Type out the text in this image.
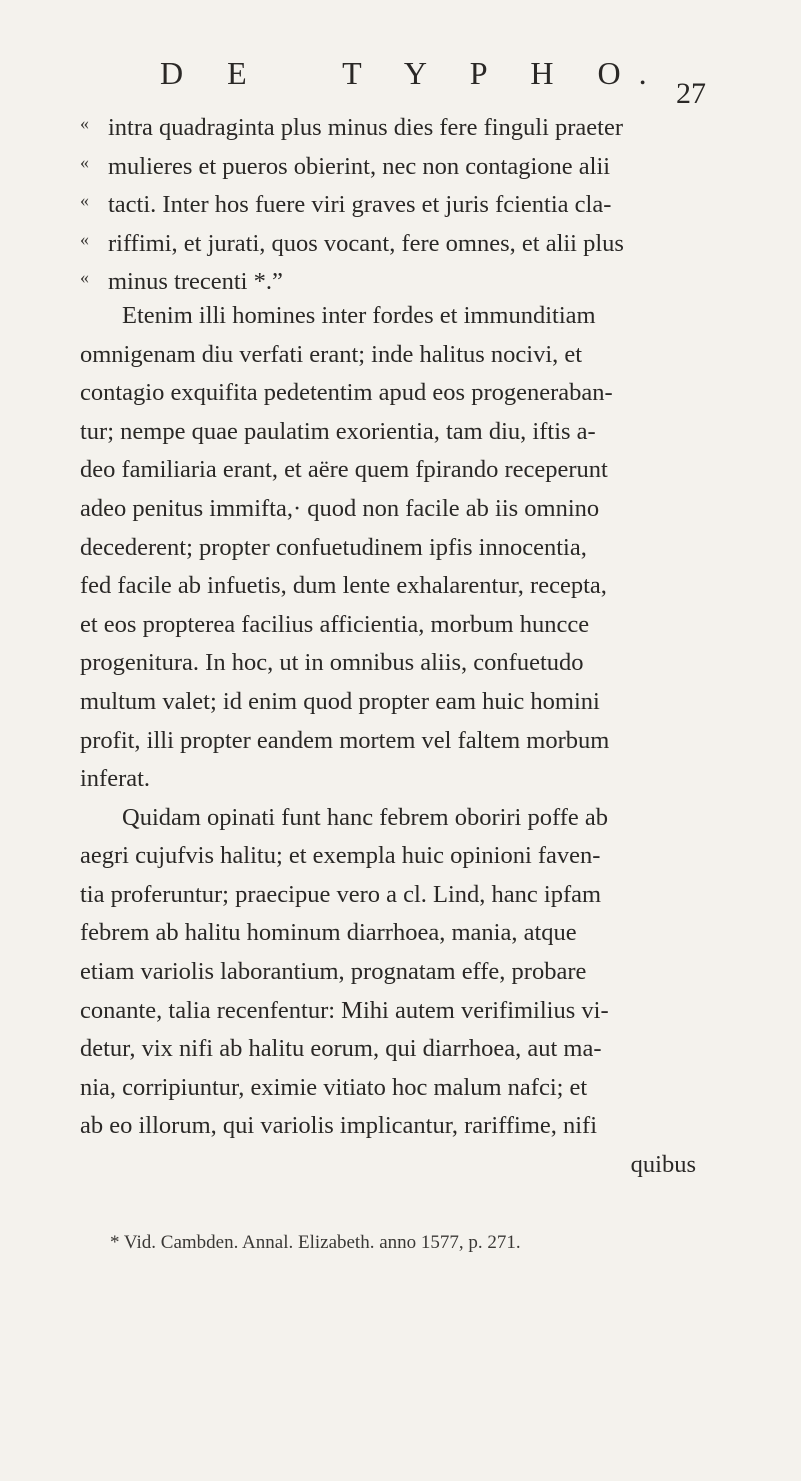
D E   T Y P H O.
27
« intra quadraginta plus minus dies fere finguli praeter
« mulieres et pueros obierint, nec non contagione alii
« tacti. Inter hos fuere viri graves et juris fcientia cla-
« riffimi, et jurati, quos vocant, fere omnes, et alii plus
« minus trecenti *.”
Etenim illi homines inter fordes et immunditiam
omnigenam diu verfati erant; inde halitus nocivi, et
contagio exquifita pedetentim apud eos progeneraban-
tur; nempe quae paulatim exorientia, tam diu, iftis a-
deo familiaria erant, et aëre quem fpirando receperunt
adeo penitus immifta,· quod non facile ab iis omnino
decederent; propter confuetudinem ipfis innocentia,
fed facile ab infuetis, dum lente exhalarentur, recepta,
et eos propterea facilius afficientia, morbum huncce
progenitura. In hoc, ut in omnibus aliis, confuetudo
multum valet; id enim quod propter eam huic homini
profit, illi propter eandem mortem vel faltem morbum
inferat.
Quidam opinati funt hanc febrem oboriri poffe ab
aegri cujufvis halitu; et exempla huic opinioni faven-
tia proferuntur; praecipue vero a cl. Lind, hanc ipfam
febrem ab halitu hominum diarrhoea, mania, atque
etiam variolis laborantium, prognatam effe, probare
conante, talia recenfentur: Mihi autem verifimilius vi-
detur, vix nifi ab halitu eorum, qui diarrhoea, aut ma-
nia, corripiuntur, eximie vitiato hoc malum nafci; et
ab eo illorum, qui variolis implicantur, rariffime, nifi
quibus
* Vid. Cambden. Annal. Elizabeth. anno 1577, p. 271.
